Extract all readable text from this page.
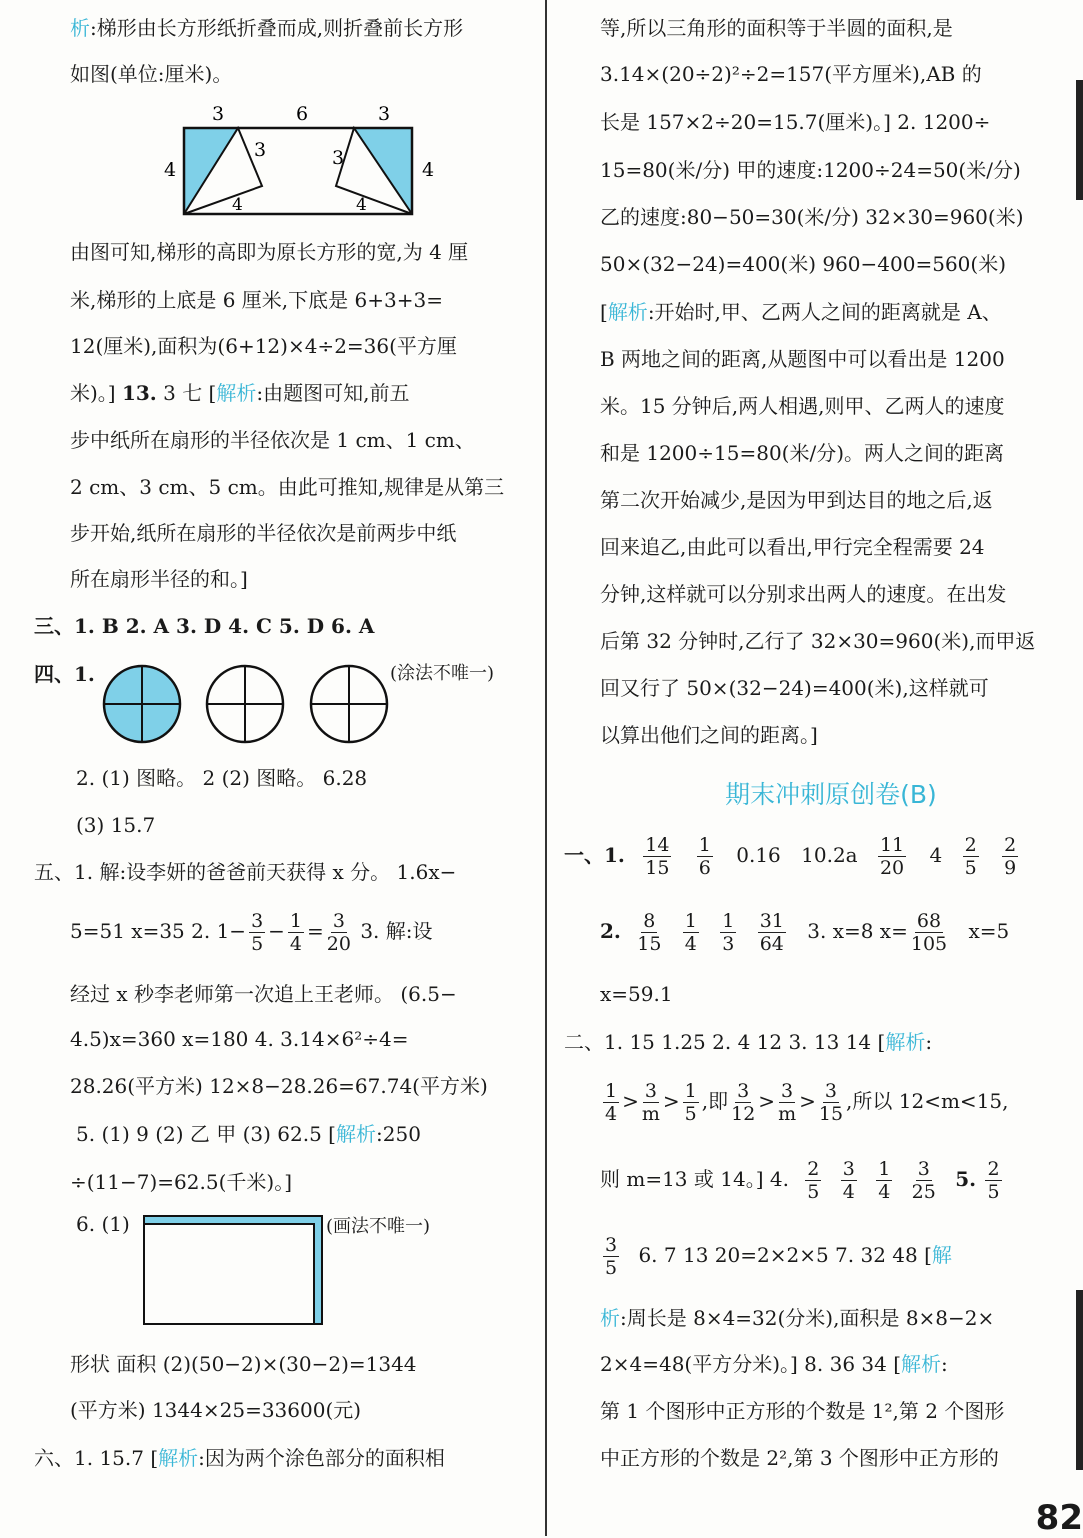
析:梯形由长方形纸折叠而成,则折叠前长方形
如图(单位:厘米)。
3	6	3
4	4
3	3
4	4
由图可知,梯形的高即为原长方形的宽,为 4 厘
米,梯形的上底是 6 厘米,下底是 6+3+3=
12(厘米),面积为(6+12)×4÷2=36(平方厘
米)。] 13. 3 七 [解析:由题图可知,前五
步中纸所在扇形的半径依次是 1 cm、1 cm、
2 cm、3 cm、5 cm。由此可推知,规律是从第三
步开始,纸所在扇形的半径依次是前两步中纸
所在扇形半径的和。]
三、1. B 2. A 3. D 4. C 5. D 6. A
四、1.	(涂法不唯一)
2. (1) 图略。 2 (2) 图略。 6.28
(3) 15.7
五、1. 解:设李妍的爸爸前天获得 x 分。 1.6x−
5=51 x=35 2. $1- \frac{3}{5} - \frac{1}{4} = \frac{3}{20} 3$. 解:设
经过 x 秒李老师第一次追上王老师。 (6.5−
4.5)x=360 x=180 4. 3.14×6²÷4=
28.26(平方米) 12×8−28.26=67.74(平方米)
5. (1) 9 (2) 乙 甲 (3) 62.5 [解析:250
÷(11−7)=62.5(千米)。]
6. (1)	(画法不唯一)
形状 面积 (2)(50−2)×(30−2)=1344
(平方米) 1344×25=33600(元)
六、1. 15.7 [解析:因为两个涂色部分的面积相
等,所以三角形的面积等于半圆的面积,是
3.14×(20÷2)²÷2=157(平方厘米),AB 的
长是 157×2÷20=15.7(厘米)。] 2. 1200÷
15=80(米/分) 甲的速度:1200÷24=50(米/分)
乙的速度:80−50=30(米/分) 32×30=960(米)
50×(32−24)=400(米) 960−400=560(米)
[解析:开始时,甲、乙两人之间的距离就是 A、
B 两地之间的距离,从题图中可以看出是 1200
米。15 分钟后,两人相遇,则甲、乙两人的速度
和是 1200÷15=80(米/分)。两人之间的距离
第二次开始减少,是因为甲到达目的地之后,返
回来追乙,由此可以看出,甲行完全程需要 24
分钟,这样就可以分别求出两人的速度。在出发
后第 32 分钟时,乙行了 32×30=960(米),而甲返
回又行了 50×(32−24)=400(米),这样就可
以算出他们之间的距离。]
期末冲刺原创卷(B)
一、1. $\frac{14}{15}$
$\frac{1}{6} 0.16$ $10.2a \frac{11}{20} 4 \frac{2}{5}$
$\frac{2}{9}$
2. $\frac{8}{15}$
$\frac{1}{4}$
$\frac{1}{3}$
$\frac{31}{64} 3$. x=8 $x= \frac{68}{105} x=5$
x=59.1
二、1. 15 1.25 2. 4 12 3. 13 14 [解析:
$\frac{1}{4} > \frac{3}{m} > \frac{1}{5}$ ,即 $\frac{3}{12} > \frac{3}{m} > \frac{3}{15}$ ,所以 12<m<15,
则 m=13 或 14。] 4. $\frac{2}{5}$
$\frac{3}{4}$
$\frac{1}{4}$
$\frac{3}{25} 5$. $\frac{2}{5}$
$\frac{3}{5} 6$. 7 13 20=2×2×5 7. 32 48 [解
析:周长是 8×4=32(分米),面积是 8×8−2×
2×4=48(平方分米)。] 8. 36 34 [解析:
第 1 个图形中正方形的个数是 1²,第 2 个图形
中正方形的个数是 2²,第 3 个图形中正方形的
82
